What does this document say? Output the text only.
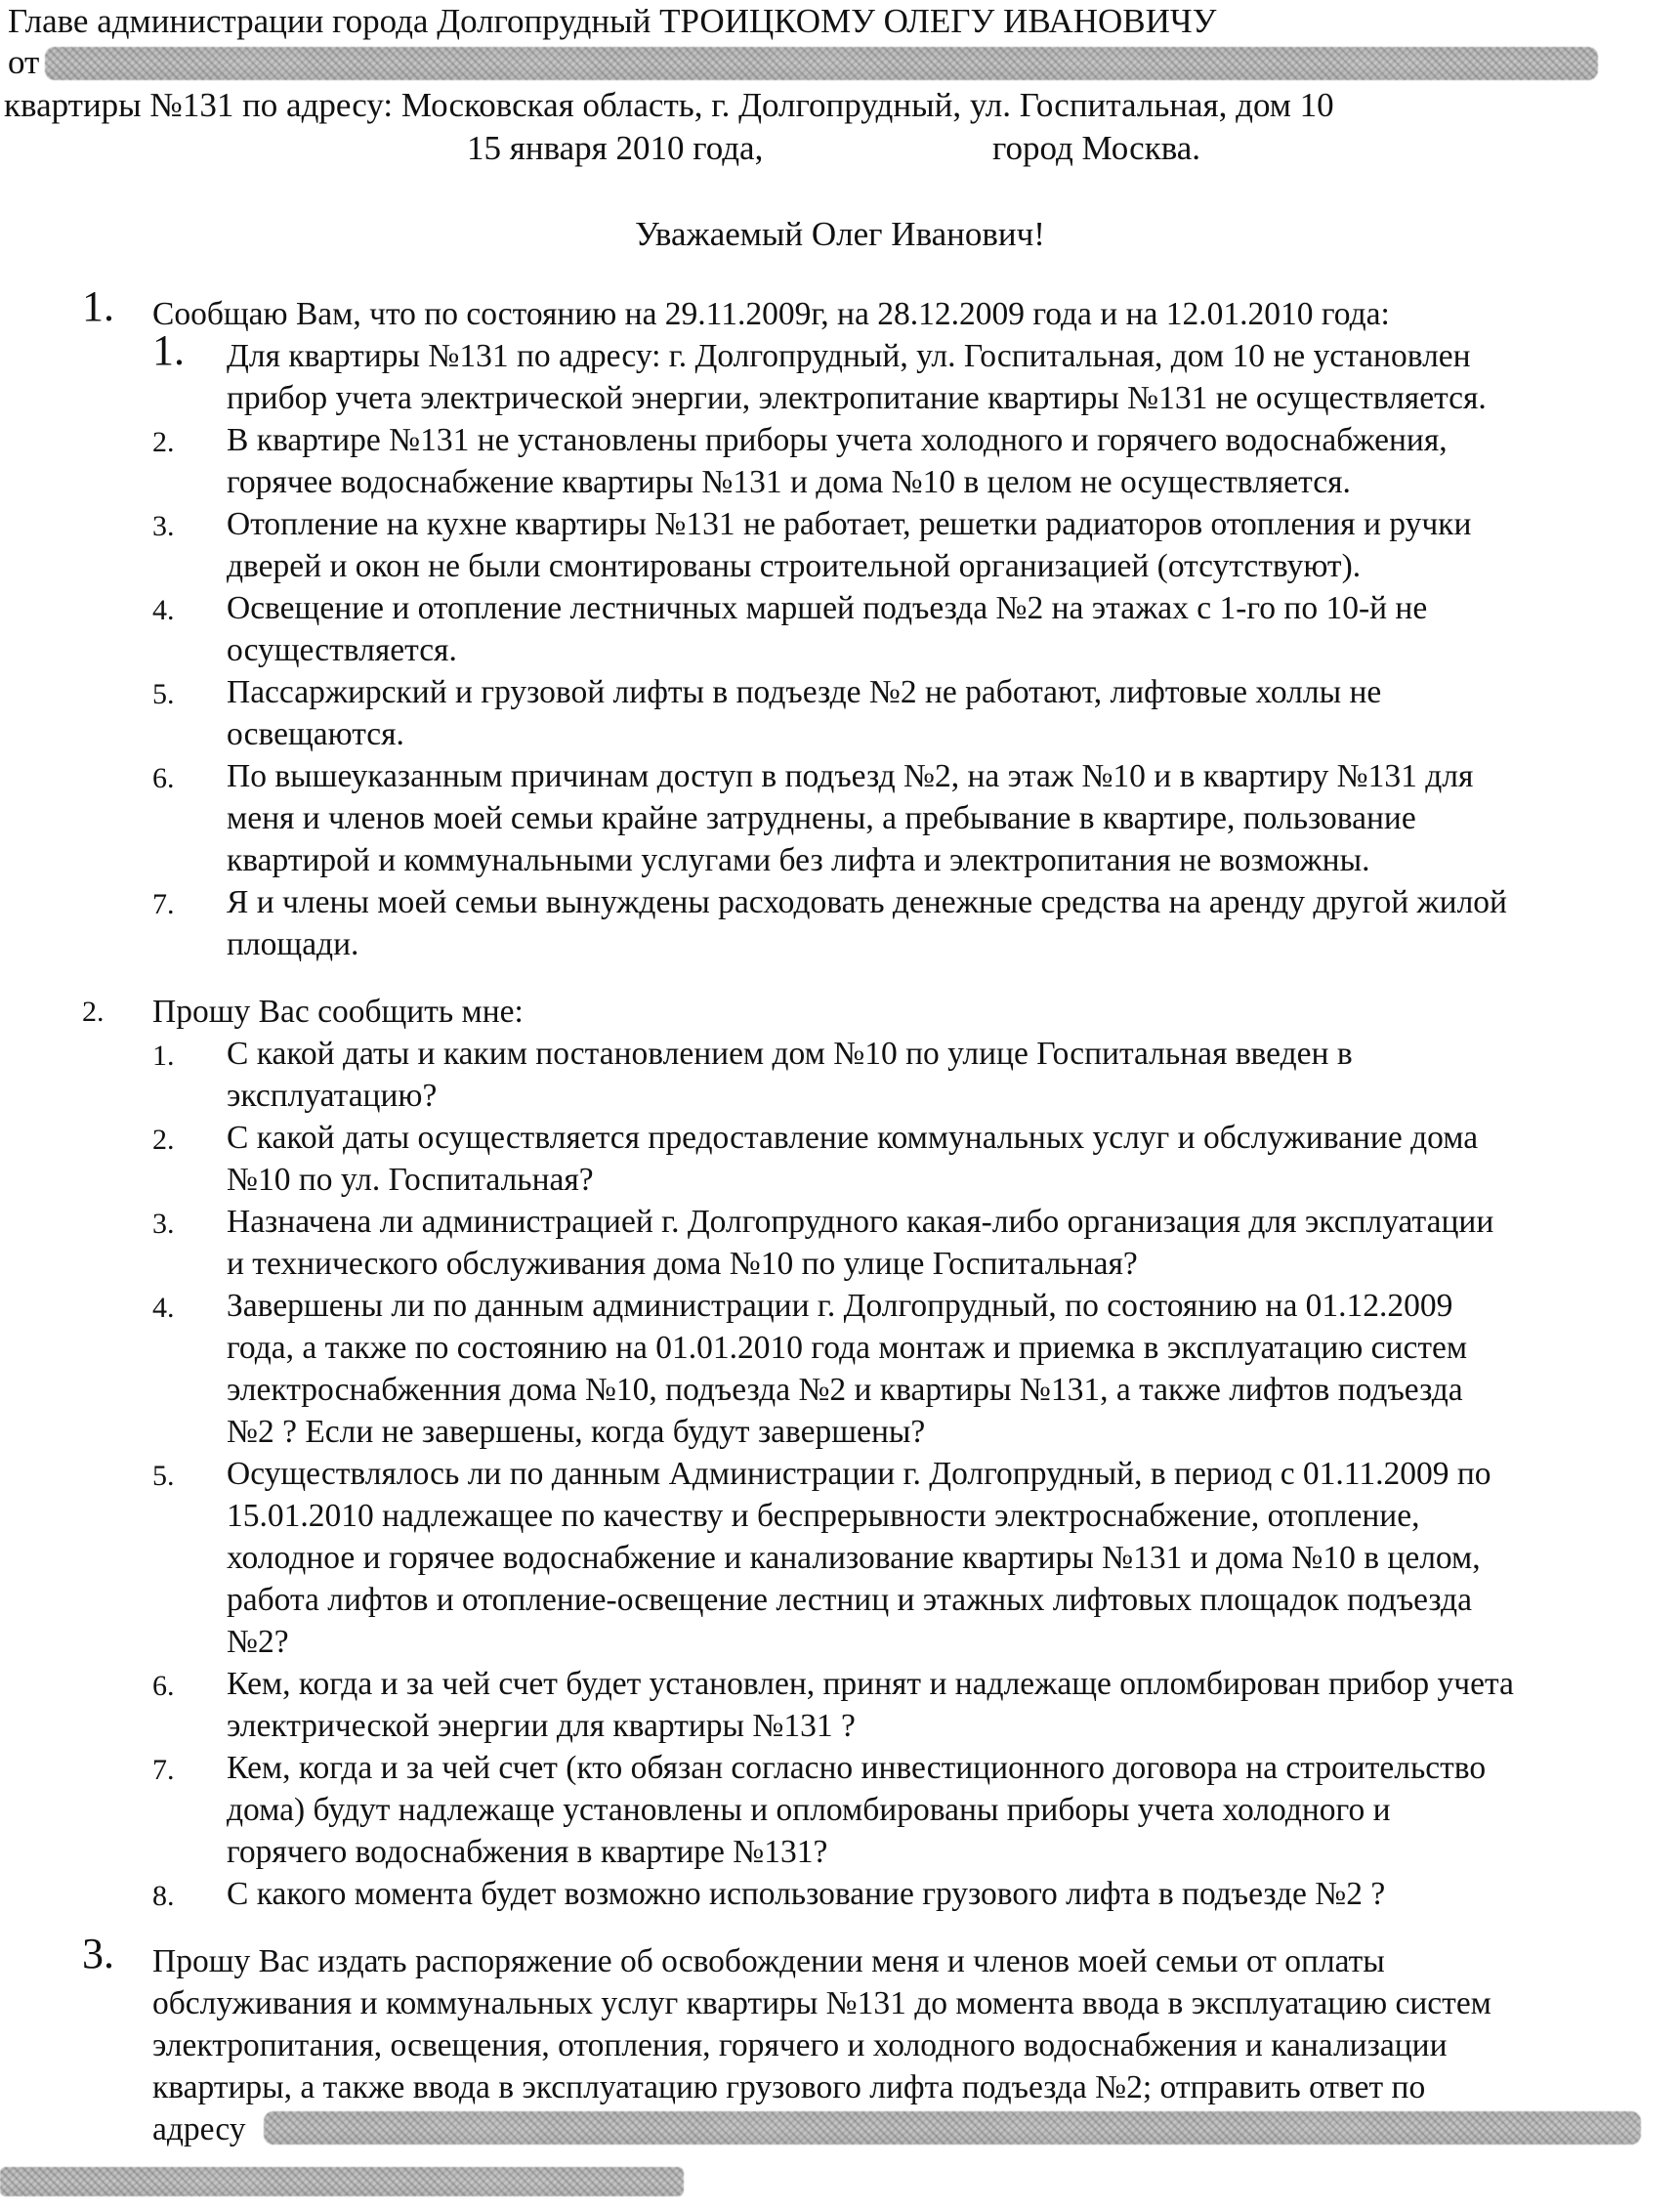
Главе администрации города Долгопрудный ТРОИЦКОМУ ОЛЕГУ ИВАНОВИЧУ
от
квартиры №131 по адресу: Московская область, г. Долгопрудный, ул. Госпитальная, дом 10
15 января 2010 года,	город Москва.
Уважаемый Олег Иванович!
1. Сообщаю Вам, что по состоянию на 29.11.2009г, на 28.12.2009 года и на 12.01.2010 года:
1. Для квартиры №131 по адресу: г. Долгопрудный, ул. Госпитальная, дом 10 не установлен
прибор учета электрической энергии, электропитание квартиры №131 не осуществляется.
2. В квартире №131 не установлены приборы учета холодного и горячего водоснабжения,
горячее водоснабжение квартиры №131 и дома №10 в целом не осуществляется.
3. Отопление на кухне квартиры №131 не работает, решетки радиаторов отопления и ручки
дверей и окон не были смонтированы строительной организацией (отсутствуют).
4. Освещение и отопление лестничных маршей подъезда №2 на этажах с 1-го по 10-й не
осуществляется.
5. Пассаржирский и грузовой лифты в подъезде №2 не работают, лифтовые холлы не
освещаются.
6. По вышеуказанным причинам доступ в подъезд №2, на этаж №10 и в квартиру №131 для
меня и членов моей семьи крайне затруднены, а пребывание в квартире, пользование
квартирой и коммунальными услугами без лифта и электропитания не возможны.
7. Я и члены моей семьи вынуждены расходовать денежные средства на аренду другой жилой
площади.
2. Прошу Вас сообщить мне:
1. С какой даты и каким постановлением дом №10 по улице Госпитальная введен в
эксплуатацию?
2. С какой даты осуществляется предоставление коммунальных услуг и обслуживание дома
№10 по ул. Госпитальная?
3. Назначена ли администрацией г. Долгопрудного какая-либо организация для эксплуатации
и технического обслуживания дома №10 по улице Госпитальная?
4. Завершены ли по данным администрации г. Долгопрудный, по состоянию на 01.12.2009
года, а также по состоянию на 01.01.2010 года монтаж и приемка в эксплуатацию систем
электроснабженния дома №10, подъезда №2 и квартиры №131, а также лифтов подъезда
№2 ? Если не завершены, когда будут завершены?
5. Осуществлялось ли по данным Администрации г. Долгопрудный, в период с 01.11.2009 по
15.01.2010 надлежащее по качеству и беспрерывности электроснабжение, отопление,
холодное и горячее водоснабжение и канализование квартиры №131 и дома №10 в целом,
работа лифтов и отопление-освещение лестниц и этажных лифтовых площадок подъезда
№2?
6. Кем, когда и за чей счет будет установлен, принят и надлежаще опломбирован прибор учета
электрической энергии для квартиры №131 ?
7. Кем, когда и за чей счет (кто обязан согласно инвестиционного договора на строительство
дома) будут надлежаще установлены и опломбированы приборы учета холодного и
горячего водоснабжения в квартире №131?
8. С какого момента будет возможно использование грузового лифта в подъезде №2 ?
3. Прошу Вас издать распоряжение об освобождении меня и членов моей семьи от оплаты
обслуживания и коммунальных услуг квартиры №131 до момента ввода в эксплуатацию систем
электропитания, освещения, отопления, горячего и холодного водоснабжения и канализации
квартиры, а также ввода в эксплуатацию грузового лифта подъезда №2; отправить ответ по
адресу
